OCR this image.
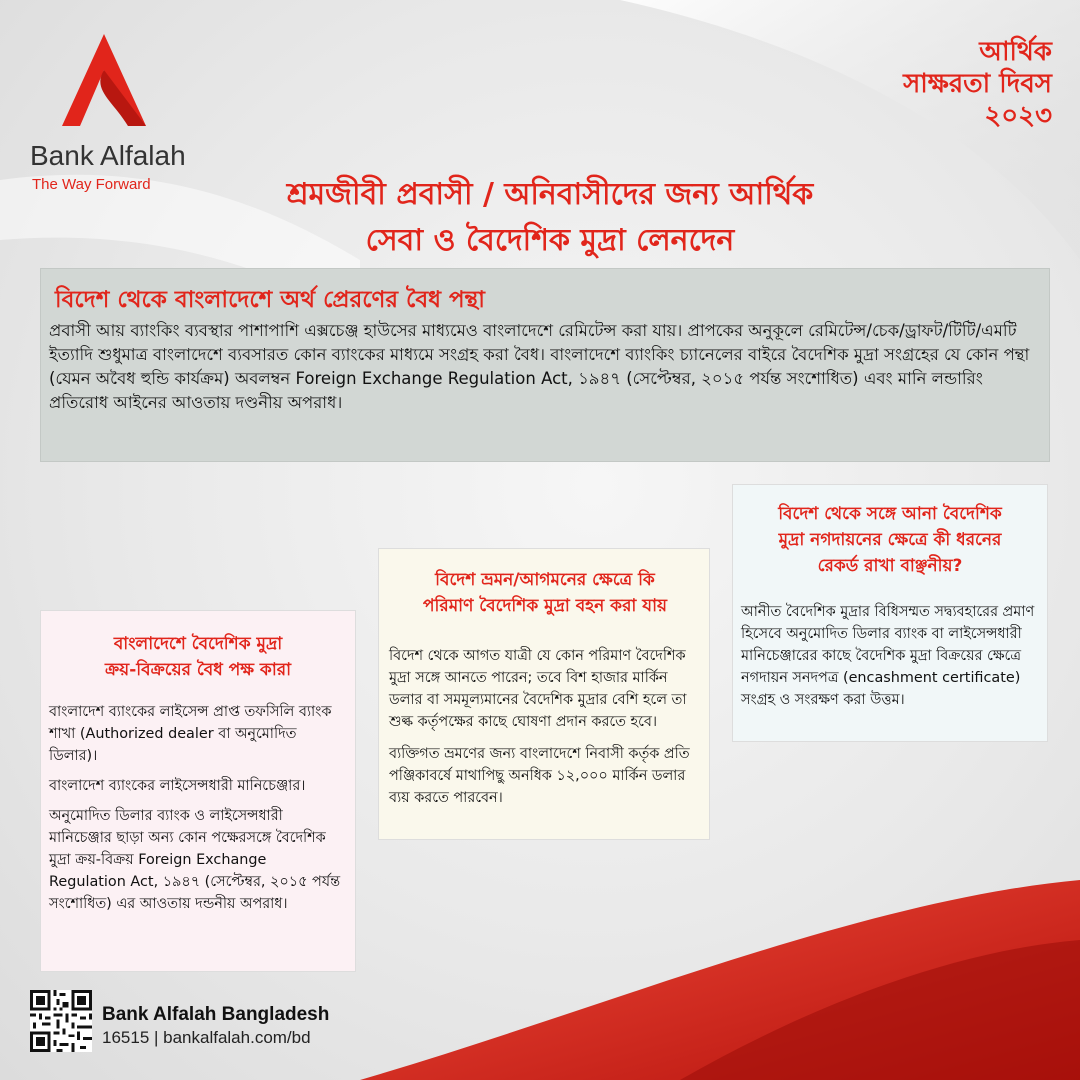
Bank Alfalah
The Way Forward
আর্থিক
সাক্ষরতা দিবস
২০২৩
শ্রমজীবী প্রবাসী / অনিবাসীদের জন্য আর্থিক
সেবা ও বৈদেশিক মুদ্রা লেনদেন
বিদেশ থেকে বাংলাদেশে অর্থ প্রেরণের বৈধ পন্থা
প্রবাসী আয় ব্যাংকিং ব্যবস্থার পাশাপাশি এক্সচেঞ্জ হাউসের মাধ্যমেও বাংলাদেশে রেমিটেন্স করা যায়। প্রাপকের অনুকূলে রেমিটেন্স/চেক/ড্রাফট/টিটি/এমটি ইত্যাদি শুধুমাত্র বাংলাদেশে ব্যবসারত কোন ব্যাংকের মাধ্যমে সংগ্রহ করা বৈধ। বাংলাদেশে ব্যাংকিং চ্যানেলের বাইরে বৈদেশিক মুদ্রা সংগ্রহের যে কোন পন্থা (যেমন অবৈধ হুন্ডি কার্যক্রম) অবলম্বন Foreign Exchange Regulation Act, ১৯৪৭ (সেপ্টেম্বর, ২০১৫ পর্যন্ত সংশোধিত) এবং মানি লন্ডারিং প্রতিরোধ আইনের আওতায় দণ্ডনীয় অপরাধ।
বাংলাদেশে বৈদেশিক মুদ্রা
ক্রয়-বিক্রয়ের বৈধ পক্ষ কারা
বাংলাদেশ ব্যাংকের লাইসেন্স প্রাপ্ত তফসিলি ব্যাংক শাখা (Authorized dealer বা অনুমোদিত ডিলার)।
বাংলাদেশ ব্যাংকের লাইসেন্সধারী মানিচেঞ্জার।
অনুমোদিত ডিলার ব্যাংক ও লাইসেন্সধারী মানিচেঞ্জার ছাড়া অন্য কোন পক্ষেরসঙ্গে বৈদেশিক মুদ্রা ক্রয়-বিক্রয় Foreign Exchange Regulation Act, ১৯৪৭ (সেপ্টেম্বর, ২০১৫ পর্যন্ত সংশোধিত) এর আওতায় দন্ডনীয় অপরাধ।
বিদেশ ভ্রমন/আগমনের ক্ষেত্রে কি
পরিমাণ বৈদেশিক মুদ্রা বহন করা যায়
বিদেশ থেকে আগত যাত্রী যে কোন পরিমাণ বৈদেশিক মুদ্রা সঙ্গে আনতে পারেন; তবে বিশ হাজার মার্কিন ডলার বা সমমূল্যমানের বৈদেশিক মুদ্রার বেশি হলে তা শুল্ক কর্তৃপক্ষের কাছে ঘোষণা প্রদান করতে হবে।
ব্যক্তিগত ভ্রমণের জন্য বাংলাদেশে নিবাসী কর্তৃক প্রতি পঞ্জিকাবর্ষে মাথাপিছু অনধিক ১২,০০০ মার্কিন ডলার ব্যয় করতে পারবেন।
বিদেশ থেকে সঙ্গে আনা বৈদেশিক
মুদ্রা নগদায়নের ক্ষেত্রে কী ধরনের
রেকর্ড রাখা বাঞ্ছনীয়?
আনীত বৈদেশিক মুদ্রার বিধিসম্মত সদ্ব্যবহারের প্রমাণ হিসেবে অনুমোদিত ডিলার ব্যাংক বা লাইসেন্সধারী মানিচেঞ্জারের কাছে বৈদেশিক মুদ্রা বিক্রয়ের ক্ষেত্রে নগদায়ন সনদপত্র (encashment certificate) সংগ্রহ ও সংরক্ষণ করা উত্তম।
Bank Alfalah Bangladesh
16515 | bankalfalah.com/bd
